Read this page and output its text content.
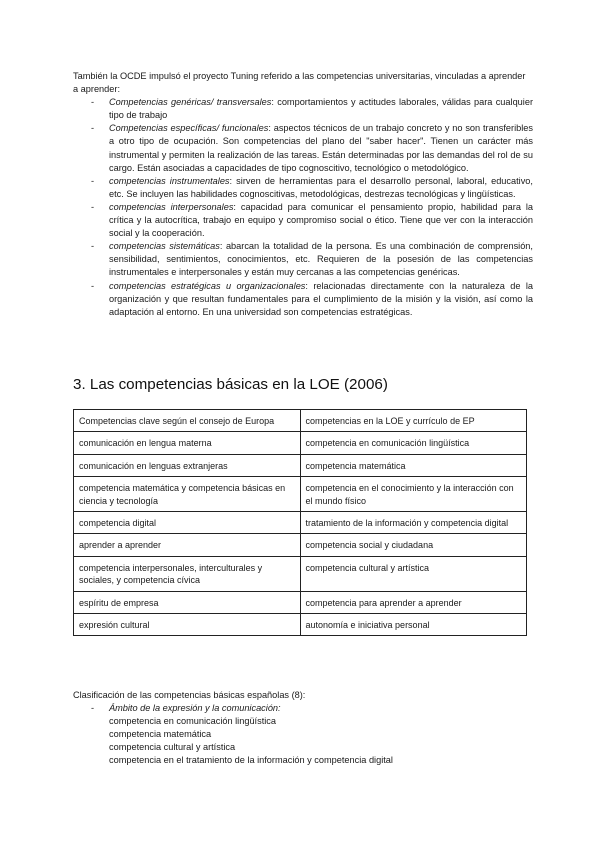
También la OCDE impulsó el proyecto Tuning referido a las competencias universitarias, vinculadas a aprender a aprender:

- Competencias genéricas/ transversales: comportamientos y actitudes laborales, válidas para cualquier tipo de trabajo
- Competencias específicas/ funcionales: aspectos técnicos de un trabajo concreto y no son transferibles a otro tipo de ocupación. Son competencias del plano del "saber hacer". Tienen un carácter más instrumental y permiten la realización de las tareas. Están determinadas por las demandas del rol de su cargo. Están asociadas a capacidades de tipo cognoscitivo, tecnológico o metodológico.
- competencias instrumentales: sirven de herramientas para el desarrollo personal, laboral, educativo, etc. Se incluyen las habilidades cognoscitivas, metodológicas, destrezas tecnológicas y lingüísticas.
- competencias interpersonales: capacidad para comunicar el pensamiento propio, habilidad para la crítica y la autocrítica, trabajo en equipo y compromiso social o ético. Tiene que ver con la interacción social y la cooperación.
- competencias sistemáticas: abarcan la totalidad de la persona. Es una combinación de comprensión, sensibilidad, sentimientos, conocimientos, etc. Requieren de la posesión de las competencias instrumentales e interpersonales y están muy cercanas a las competencias genéricas.
- competencias estratégicas u organizacionales: relacionadas directamente con la naturaleza de la organización y que resultan fundamentales para el cumplimiento de la misión y la visión, así como la adaptación al entorno. En una universidad son competencias estratégicas.
3. Las competencias básicas en la LOE (2006)
Competencias clave según el consejo de Europa	competencias en la LOE y currículo de EP
comunicación en lengua materna	competencia en comunicación lingüística
comunicación en lenguas extranjeras	competencia matemática
competencia matemática y competencia básicas en ciencia y tecnología	competencia en el conocimiento y la interacción con el mundo físico
competencia digital	tratamiento de la información y competencia digital
aprender a aprender	competencia social y ciudadana
competencia interpersonales, interculturales y sociales, y competencia cívica	competencia cultural y artística
espíritu de empresa	competencia para aprender a aprender
expresión cultural	autonomía e iniciativa personal

Clasificación de las competencias básicas españolas (8):

- Ámbito de la expresión y la comunicación:

competencia en comunicación lingüística

competencia matemática

competencia cultural y artística

competencia en el tratamiento de la información y competencia digital
